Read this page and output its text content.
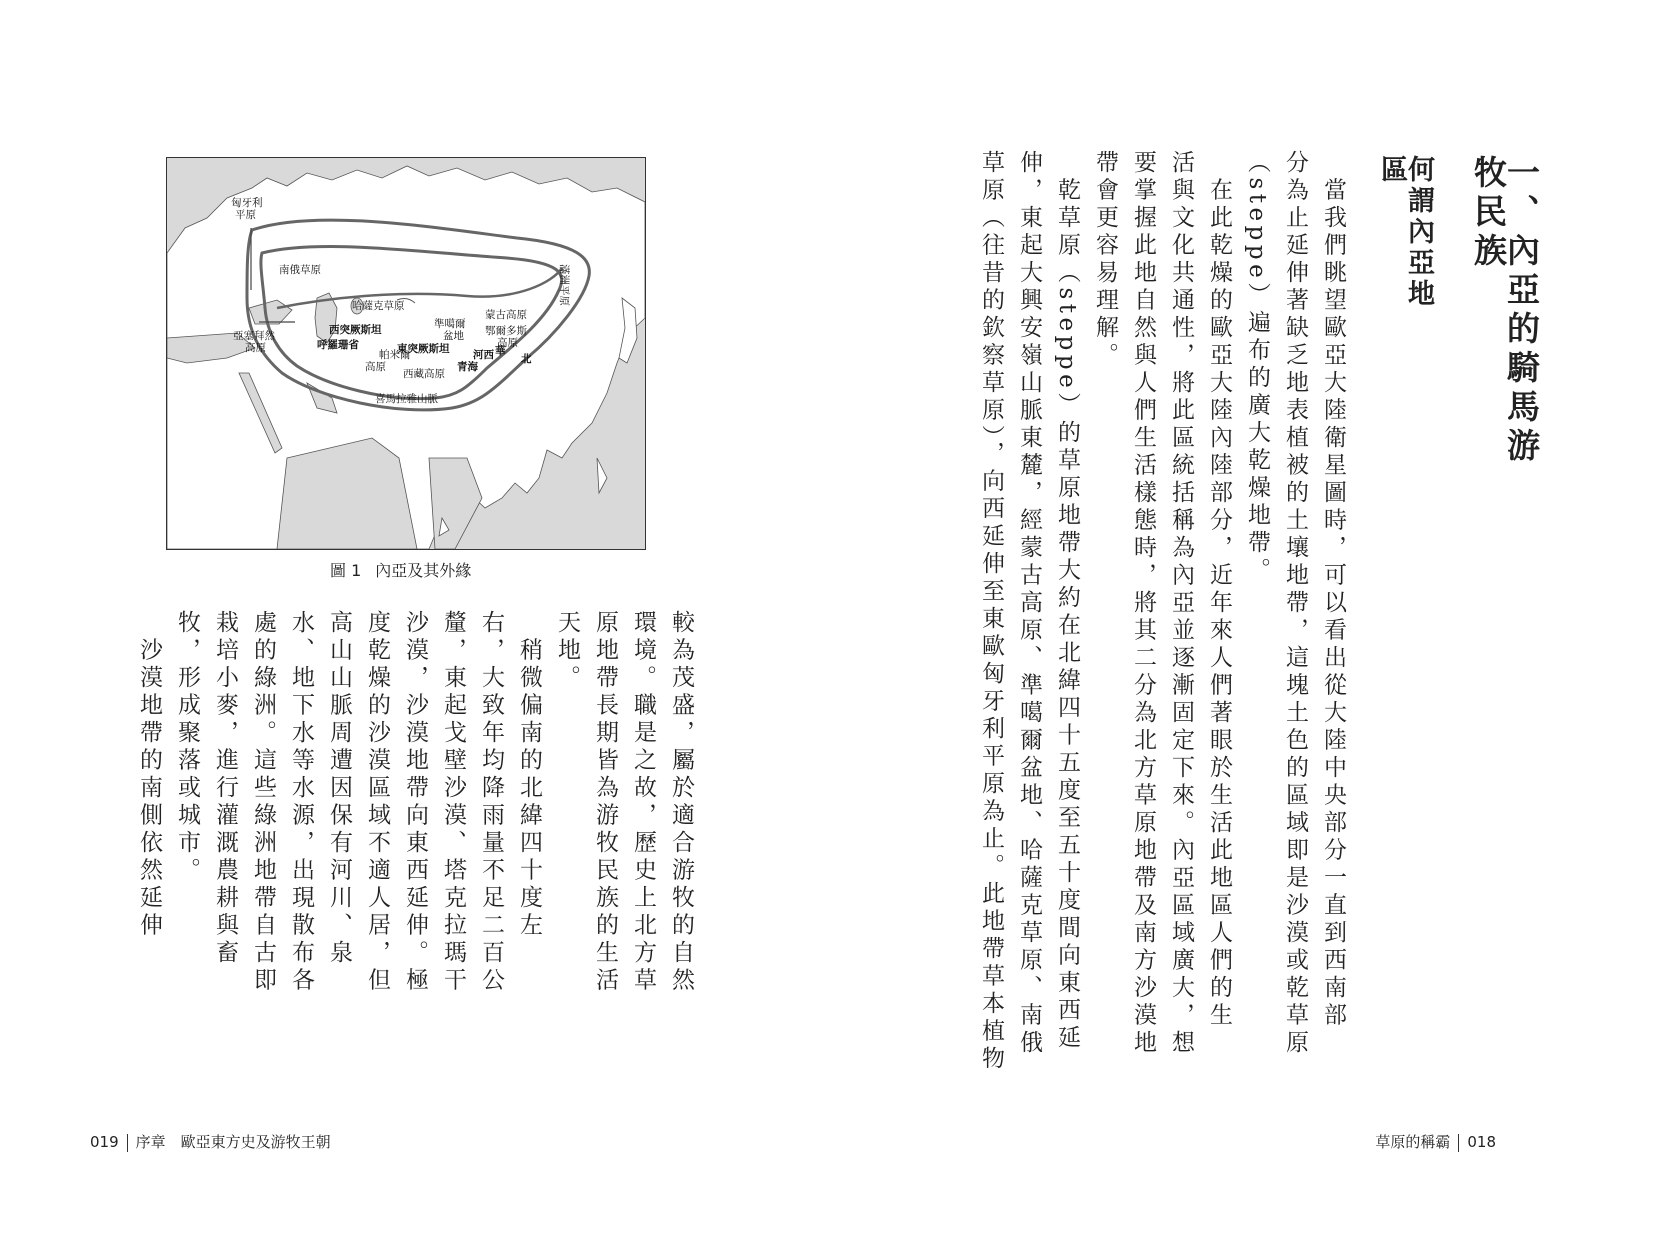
一、內亞的騎馬游牧民族
何謂內亞地區
　當我們眺望歐亞大陸衛星圖時，可以看出從大陸中央部分一直到西南部
分為止延伸著缺乏地表植被的土壤地帶，這塊土色的區域即是沙漠或乾草原
（stеppe）遍布的廣大乾燥地帶。
　在此乾燥的歐亞大陸內陸部分，近年來人們著眼於生活此地區人們的生
活與文化共通性，將此區統括稱為內亞並逐漸固定下來。內亞區域廣大，想
要掌握此地自然與人們生活樣態時，將其二分為北方草原地帶及南方沙漠地
帶會更容易理解。
　乾草原（steppe）的草原地帶大約在北緯四十五度至五十度間向東西延
伸，東起大興安嶺山脈東麓，經蒙古高原、準噶爾盆地、哈薩克草原、南俄
草原（往昔的欽察草原），向西延伸至東歐匈牙利平原為止。此地帶草本植物
草原的稱霸 018
匈牙利平原
南俄草原
哈薩克草原
西突厥斯坦
呼羅珊省
帕米爾高原
東突厥斯坦
準噶爾盆地
蒙古高原
鄂爾多斯高原
滿洲平原
亞塞拜然高原
西藏高原
青海
河西 華
北
喜馬拉雅山脈
圖 1 內亞及其外緣
較為茂盛，屬於適合游牧的自然
環境。職是之故，歷史上北方草
原地帶長期皆為游牧民族的生活
天地。
　稍微偏南的北緯四十度左
右，大致年均降雨量不足二百公
釐，東起戈壁沙漠、塔克拉瑪干
沙漠，沙漠地帶向東西延伸。極
度乾燥的沙漠區域不適人居，但
高山山脈周遭因保有河川、泉
水、地下水等水源，出現散布各
處的綠洲。這些綠洲地帶自古即
栽培小麥，進行灌溉農耕與畜
牧，形成聚落或城市。
　沙漠地帶的南側依然延伸
019 序章　歐亞東方史及游牧王朝
